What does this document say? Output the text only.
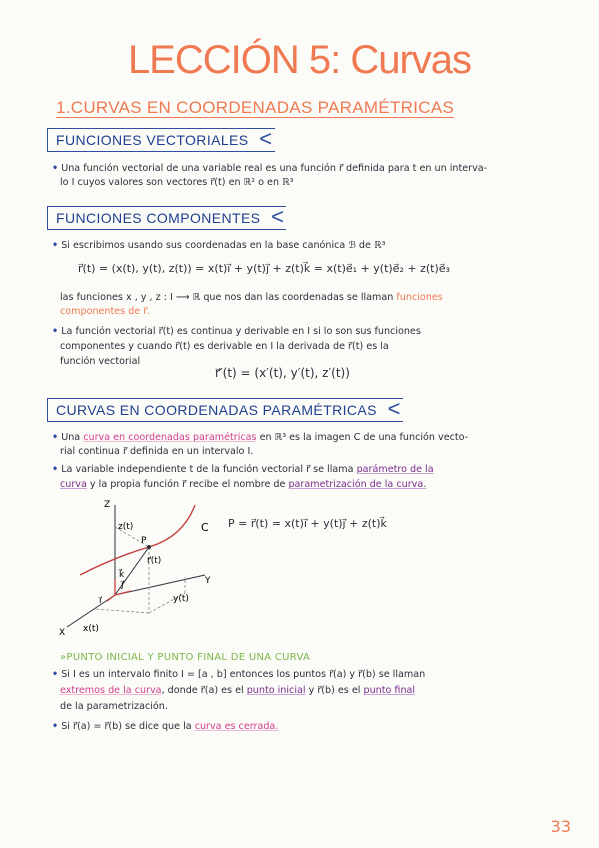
LECCIÓN 5: Curvas
1.CURVAS EN COORDENADAS PARAMÉTRICAS
FUNCIONES VECTORIALES <
• Una función vectorial de una variable real es una función r⃗ definida para t en un interva-
lo I cuyos valores son vectores r⃗(t) en ℝ² o en ℝ³
FUNCIONES COMPONENTES <
• Si escribimos usando sus coordenadas en la base canónica ℬ de ℝ³
r⃗(t) = (x(t), y(t), z(t)) = x(t)ı⃗ + y(t)j⃗ + z(t)k⃗ = x(t)e⃗₁ + y(t)e⃗₂ + z(t)e⃗₃
las funciones x , y , z : I ⟶ ℝ que nos dan las coordenadas se llaman funciones
componentes de r⃗.
• La función vectorial r⃗(t) es continua y derivable en I si lo son sus funciones
componentes y cuando r⃗(t) es derivable en I la derivada de r⃗(t) es la
función vectorial
r⃗′(t) = (x′(t), y′(t), z′(t))
CURVAS EN COORDENADAS PARAMÉTRICAS <
• Una curva en coordenadas paramétricas en ℝ³ es la imagen C de una función vecto-
rial continua r⃗ definida en un intervalo I.
• La variable independiente t de la función vectorial r⃗ se llama parámetro de la
curva y la propia función r⃗ recibe el nombre de parametrización de la curva.
Z
Y
X
z(t)
y(t)
x(t)
P
r⃗(t)
C
j⃗
k⃗
ı⃗
P = r⃗(t) = x(t)ı⃗ + y(t)j⃗ + z(t)k⃗
»PUNTO INICIAL Y PUNTO FINAL DE UNA CURVA
• Si I es un intervalo finito I = [a , b] entonces los puntos r⃗(a) y r⃗(b) se llaman
extremos de la curva, donde r⃗(a) es el punto inicial y r⃗(b) es el punto final
de la parametrización.
• Si r⃗(a) = r⃗(b) se dice que la curva es cerrada.
33
